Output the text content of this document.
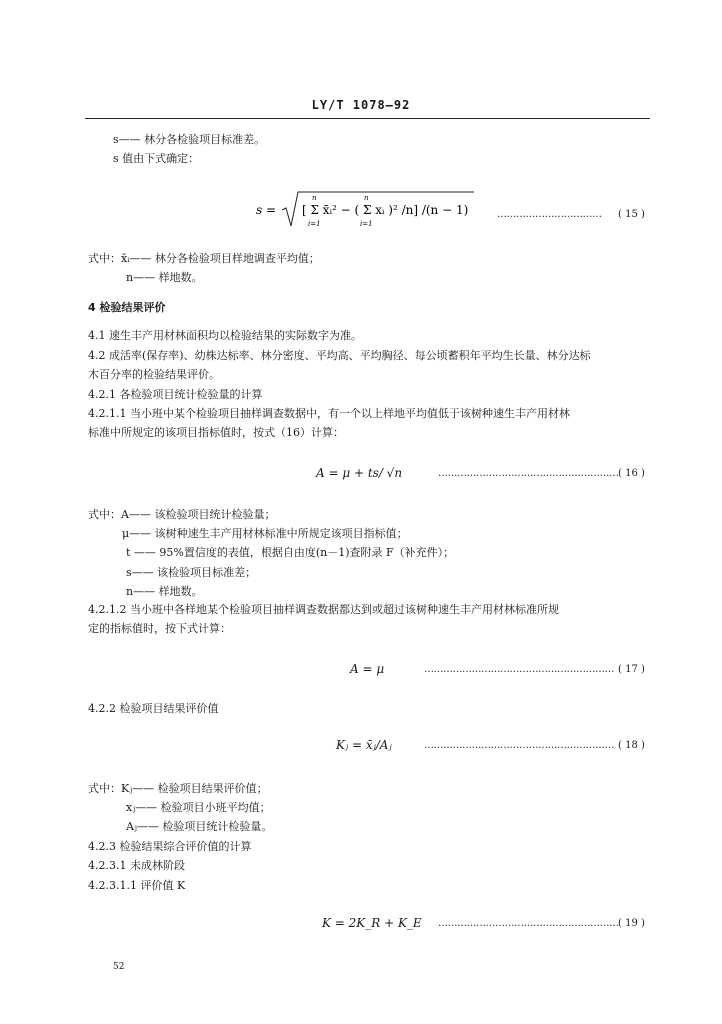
LY/T 1078—92
s—— 林分各检验项目标准差。
s 值由下式确定：
s = [ Σ x̄ᵢ² − ( Σ xᵢ )² /n] /(n − 1)
n
i=1
n
i=1
…………………………… ( 15 )
式中：x̄ᵢ—— 林分各检验项目样地调查平均值；
n—— 样地数。
4 检验结果评价
4.1 速生丰产用材林面积均以检验结果的实际数字为准。
4.2 成活率(保存率)、幼株达标率、林分密度、平均高、平均胸径、每公顷蓄积年平均生长量、林分达标
木百分率的检验结果评价。
4.2.1 各检验项目统计检验量的计算
4.2.1.1 当小班中某个检验项目抽样调查数据中，有一个以上样地平均值低于该树种速生丰产用材林
标准中所规定的该项目指标值时，按式（16）计算：
A = μ + ts/ √n	………………………………………………… ( 16 )
式中：A—— 该检验项目统计检验量；
μ—— 该树种速生丰产用材林标准中所规定该项目指标值；
t —— 95%置信度的表值，根据自由度(n－1)查附录 F（补充件）；
s—— 该检验项目标准差；
n—— 样地数。
4.2.1.2 当小班中各样地某个检验项目抽样调查数据都达到或超过该树种速生丰产用材林标准所规
定的指标值时，按下式计算：
A = μ	…………………………………………………… ( 17 )
4.2.2 检验项目结果评价值
Kⱼ = x̄ⱼ/Aⱼ	…………………………………………………… ( 18 )
式中：Kⱼ—— 检验项目结果评价值；
xⱼ—— 检验项目小班平均值；
Aⱼ—— 检验项目统计检验量。
4.2.3 检验结果综合评价值的计算
4.2.3.1 未成林阶段
4.2.3.1.1 评价值 K
K = 2K_R + K_E ………………………………………………… ( 19 )
52
